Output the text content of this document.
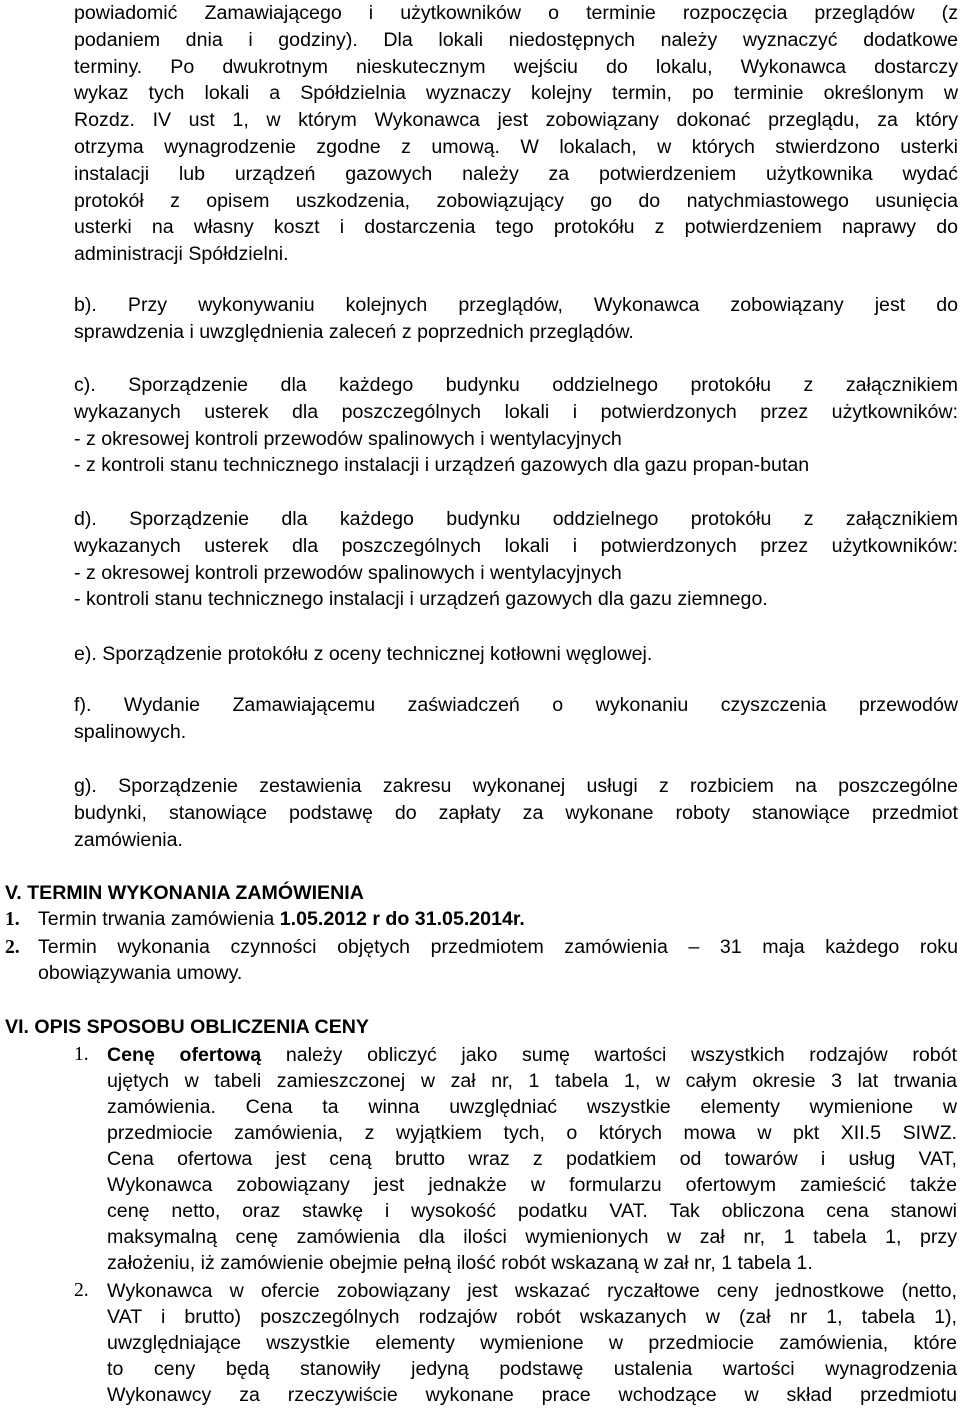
powiadomić Zamawiającego i użytkowników o terminie rozpoczęcia przeglądów (z
podaniem dnia i godziny). Dla lokali niedostępnych należy wyznaczyć dodatkowe
terminy. Po dwukrotnym nieskutecznym wejściu do lokalu, Wykonawca dostarczy
wykaz tych lokali a Spółdzielnia wyznaczy kolejny termin, po terminie określonym w
Rozdz. IV ust 1, w którym Wykonawca jest zobowiązany dokonać przeglądu, za który
otrzyma wynagrodzenie zgodne z umową. W lokalach, w których stwierdzono usterki
instalacji lub urządzeń gazowych należy za potwierdzeniem użytkownika wydać
protokół z opisem uszkodzenia, zobowiązujący go do natychmiastowego usunięcia
usterki na własny koszt i dostarczenia tego protokółu z potwierdzeniem naprawy do
administracji Spółdzielni.
b). Przy wykonywaniu kolejnych przeglądów, Wykonawca zobowiązany jest do
sprawdzenia i uwzględnienia zaleceń z poprzednich przeglądów.
c). Sporządzenie dla każdego budynku oddzielnego protokółu z załącznikiem
wykazanych usterek dla poszczególnych lokali i potwierdzonych przez użytkowników:
- z okresowej kontroli przewodów spalinowych i wentylacyjnych
- z kontroli stanu technicznego instalacji i urządzeń gazowych dla gazu propan-butan
d). Sporządzenie dla każdego budynku oddzielnego protokółu z załącznikiem
wykazanych usterek dla poszczególnych lokali i potwierdzonych przez użytkowników:
- z okresowej kontroli przewodów spalinowych i wentylacyjnych
- kontroli stanu technicznego instalacji i urządzeń gazowych dla gazu ziemnego.
e). Sporządzenie protokółu z oceny technicznej kotłowni węglowej.
f). Wydanie Zamawiającemu zaświadczeń o wykonaniu czyszczenia przewodów
spalinowych.
g). Sporządzenie zestawienia zakresu wykonanej usługi z rozbiciem na poszczególne
budynki, stanowiące podstawę do zapłaty za wykonane roboty stanowiące przedmiot
zamówienia.
V. TERMIN WYKONANIA ZAMÓWIENIA
1. Termin trwania zamówienia 1.05.2012 r do 31.05.2014r.
2. Termin wykonania czynności objętych przedmiotem zamówienia – 31 maja każdego roku
obowiązywania umowy.
VI. OPIS SPOSOBU OBLICZENIA CENY
1. Cenę ofertową należy obliczyć jako sumę wartości wszystkich rodzajów robót
ujętych w tabeli zamieszczonej w zał nr, 1 tabela 1, w całym okresie 3 lat trwania
zamówienia. Cena ta winna uwzględniać wszystkie elementy wymienione w
przedmiocie zamówienia, z wyjątkiem tych, o których mowa w pkt XII.5 SIWZ.
Cena ofertowa jest ceną brutto wraz z podatkiem od towarów i usług VAT,
Wykonawca zobowiązany jest jednakże w formularzu ofertowym zamieścić także
cenę netto, oraz stawkę i wysokość podatku VAT. Tak obliczona cena stanowi
maksymalną cenę zamówienia dla ilości wymienionych w zał nr, 1 tabela 1, przy
założeniu, iż zamówienie obejmie pełną ilość robót wskazaną w zał nr, 1 tabela 1.
2. Wykonawca w ofercie zobowiązany jest wskazać ryczałtowe ceny jednostkowe (netto,
VAT i brutto) poszczególnych rodzajów robót wskazanych w (zał nr 1, tabela 1),
uwzględniające wszystkie elementy wymienione w przedmiocie zamówienia, które
to ceny będą stanowiły jedyną podstawę ustalenia wartości wynagrodzenia
Wykonawcy za rzeczywiście wykonane prace wchodzące w skład przedmiotu
